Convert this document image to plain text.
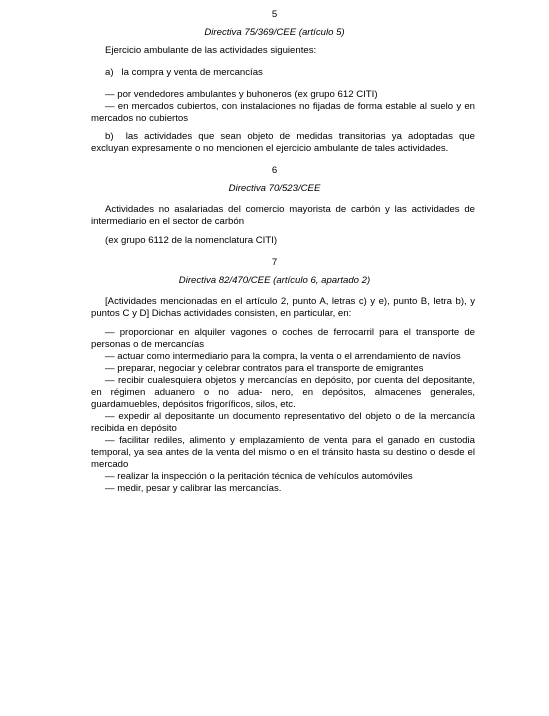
5
Directiva 75/369/CEE (artículo 5)
Ejercicio ambulante de las actividades siguientes:
a)   la compra y venta de mercancías
— por vendedores ambulantes y buhoneros (ex grupo 612 CITI)
— en mercados cubiertos, con instalaciones no fijadas de forma estable al suelo y en
mercados no cubiertos
b)  las actividades que sean objeto de medidas transitorias ya adoptadas que
excluyan expresamente o no mencionen el ejercicio ambulante de tales actividades.
6
Directiva 70/523/CEE
Actividades no asalariadas del comercio mayorista de carbón y las actividades de
intermediario en el sector de carbón
(ex grupo 6112 de la nomenclatura CITI)
7
Directiva 82/470/CEE (artículo 6, apartado 2)
[Actividades mencionadas en el artículo 2, punto A, letras c) y e), punto B, letra b), y
puntos C y D] Dichas actividades consisten, en particular, en:
— proporcionar en alquiler vagones o coches de ferrocarril para el transporte de
personas o de mercancías
— actuar como intermediario para la compra, la venta o el arrendamiento de navíos
— preparar, negociar y celebrar contratos para el transporte de emigrantes
— recibir cualesquiera objetos y mercancías en depósito, por cuenta del depositante,
en régimen aduanero o no adua- nero, en depósitos, almacenes generales,
guardamuebles, depósitos frigoríficos, silos, etc.
— expedir al depositante un documento representativo del objeto o de la mercancía
recibida en depósito
— facilitar rediles, alimento y emplazamiento de venta para el ganado en custodia
temporal, ya sea antes de la venta del mismo o en el tránsito hasta su destino o desde el
mercado
— realizar la inspección o la peritación técnica de vehículos automóviles
— medir, pesar y calibrar las mercancías.
